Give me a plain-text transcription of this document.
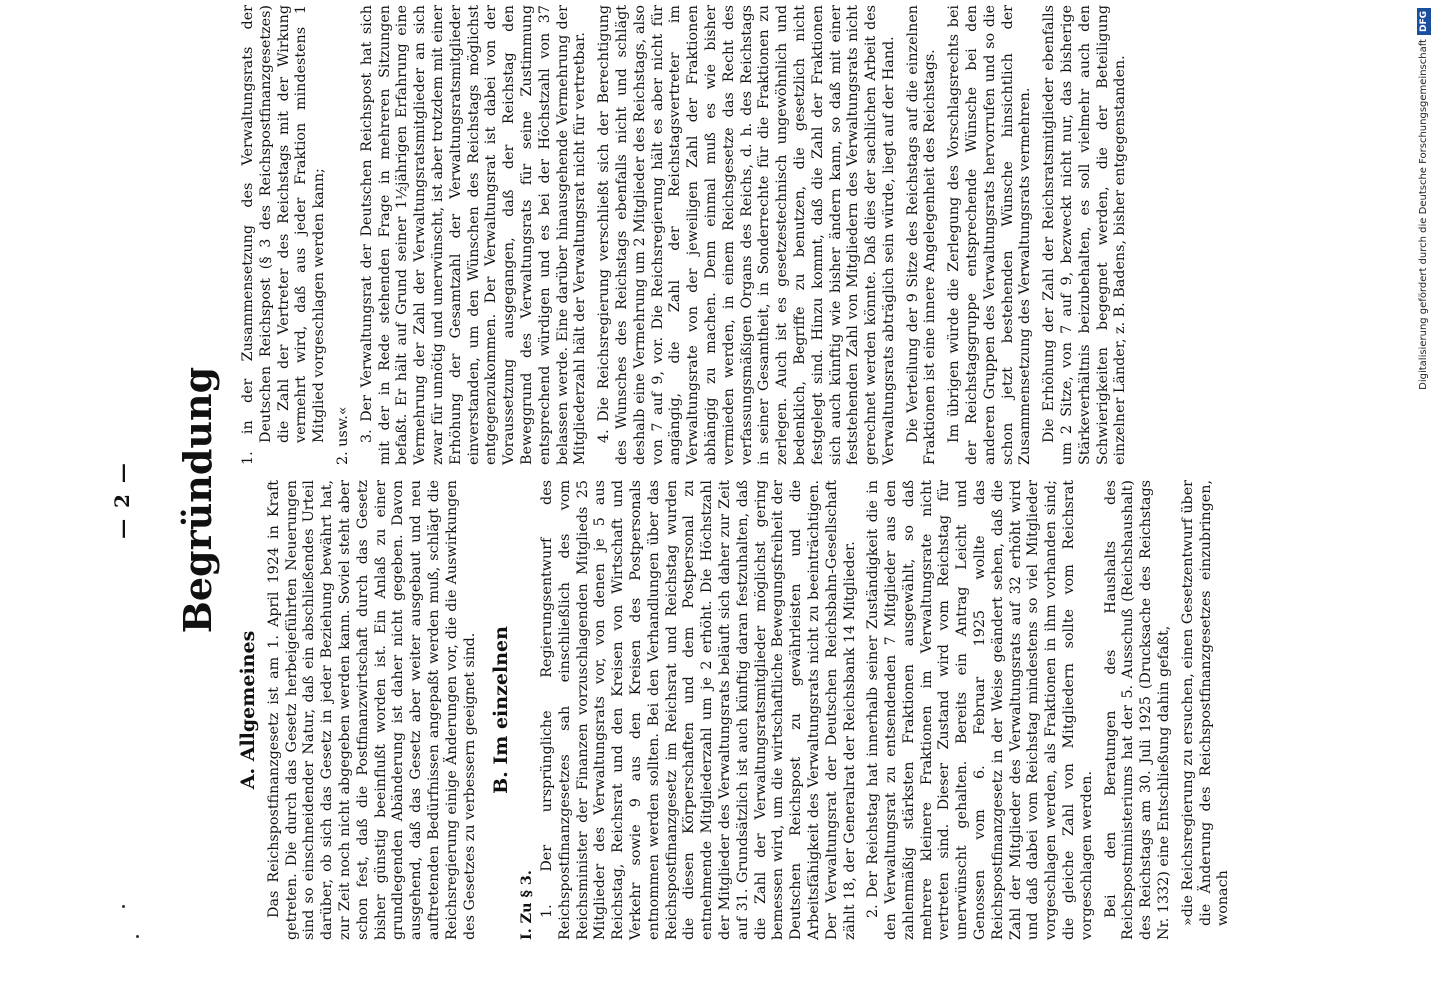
— 2 — Begründung
A. Allgemeines Das Reichspostfinanzgesetz ist am 1. April 1924 in Kraft getreten. Die durch das Gesetz herbeigeführten Neuerungen sind so einschneidender Natur, daß ein abschließendes Urteil darüber, ob sich das Gesetz in jeder Beziehung bewährt hat, zur Zeit noch nicht abgegeben werden kann. Soviel steht aber schon fest, daß die Postfinanzwirtschaft durch das Gesetz bisher günstig beeinflußt worden ist. Ein Anlaß zu einer grundlegenden Abänderung ist daher nicht gegeben. Davon ausgehend, daß das Gesetz aber weiter ausgebaut und neu auftretenden Bedürfnissen angepaßt werden muß, schlägt die Reichsregierung einige Änderungen vor, die die Auswirkungen des Gesetzes zu verbessern geeignet sind. B. Im einzelnen
I. Zu § 3. 1. Der ursprüngliche Regierungsentwurf des Reichspostfinanzgesetzes sah einschließlich des vom Reichsminister der Finanzen vorzuschlagenden Mitglieds 25 Mitglieder des Verwaltungsrats vor, von denen je 5 aus Reichstag, Reichsrat und den Kreisen von Wirtschaft und Verkehr sowie 9 aus den Kreisen des Postpersonals entnommen werden sollten. Bei den Verhandlungen über das Reichspostfinanzgesetz im Reichsrat und Reichstag wurden die diesen Körperschaften und dem Postpersonal zu entnehmende Mitgliederzahl um je 2 erhöht. Die Höchstzahl der Mitglieder des Verwaltungsrats beläuft sich daher zur Zeit auf 31. Grundsätzlich ist auch künftig daran festzuhalten, daß die Zahl der Verwaltungsratsmitglieder möglichst gering bemessen wird, um die wirtschaftliche Bewegungsfreiheit der Deutschen Reichspost zu gewährleisten und die Arbeitsfähigkeit des Verwaltungsrats nicht zu beeinträchtigen. Der Verwaltungsrat der Deutschen Reichsbahn-Gesellschaft zählt 18, der Generalrat der Reichsbank 14 Mitglieder. 2. Der Reichstag hat innerhalb seiner Zuständigkeit die in den Verwaltungsrat zu entsendenden 7 Mitglieder aus den zahlenmäßig stärksten Fraktionen ausgewählt, so daß mehrere kleinere Fraktionen im Verwaltungsrate nicht vertreten sind. Dieser Zustand wird vom Reichstag für unerwünscht gehalten. Bereits ein Antrag Leicht und Genossen vom 6. Februar 1925 wollte das Reichspostfinanzgesetz in der Weise geändert sehen, daß die Zahl der Mitglieder des Verwaltungsrats auf 32 erhöht wird und daß dabei vom Reichstag mindestens so viel Mitglieder vorgeschlagen werden, als Fraktionen in ihm vorhanden sind; die gleiche Zahl von Mitgliedern sollte vom Reichsrat vorgeschlagen werden. Bei den Beratungen des Haushalts des Reichspostministeriums hat der 5. Ausschuß (Reichshaushalt) des Reichstags am 30. Juli 1925 (Drucksache des Reichstags Nr. 1332) eine Entschließung dahin gefaßt, »die Reichsregierung zu ersuchen, einen Gesetzentwurf über die Änderung des Reichspostfinanzgesetzes einzubringen, wonach

1. in der Zusammensetzung des Verwaltungsrats der Deutschen Reichspost (§ 3 des Reichspostfinanzgesetzes) die Zahl der Vertreter des Reichstags mit der Wirkung vermehrt wird, daß aus jeder Fraktion mindestens 1 Mitglied vorgeschlagen werden kann; 2. usw.« 3. Der Verwaltungsrat der Deutschen Reichspost hat sich mit der in Rede stehenden Frage in mehreren Sitzungen befaßt. Er hält auf Grund seiner 1½jährigen Erfahrung eine Vermehrung der Zahl der Verwaltungsratsmitglieder an sich zwar für unnötig und unerwünscht, ist aber trotzdem mit einer Erhöhung der Gesamtzahl der Verwaltungsratsmitglieder einverstanden, um den Wünschen des Reichstags möglichst entgegenzukommen. Der Verwaltungsrat ist dabei von der Voraussetzung ausgegangen, daß der Reichstag den Beweggrund des Verwaltungsrats für seine Zustimmung entsprechend würdigen und es bei der Höchstzahl von 37 belassen werde. Eine darüber hinausgehende Vermehrung der Mitgliederzahl hält der Verwaltungsrat nicht für vertretbar. 4. Die Reichsregierung verschließt sich der Berechtigung des Wunsches des Reichstags ebenfalls nicht und schlägt deshalb eine Vermehrung um 2 Mitglieder des Reichstags, also von 7 auf 9, vor. Die Reichsregierung hält es aber nicht für angängig, die Zahl der Reichstagsvertreter im Verwaltungsrate von der jeweiligen Zahl der Fraktionen abhängig zu machen. Denn einmal muß es wie bisher vermieden werden, in einem Reichsgesetze das Recht des verfassungsmäßigen Organs des Reichs, d. h. des Reichstags in seiner Gesamtheit, in Sonderrechte für die Fraktionen zu zerlegen. Auch ist es gesetzestechnisch ungewöhnlich und bedenklich, Begriffe zu benutzen, die gesetzlich nicht festgelegt sind. Hinzu kommt, daß die Zahl der Fraktionen sich auch künftig wie bisher ändern kann, so daß mit einer feststehenden Zahl von Mitgliedern des Verwaltungsrats nicht gerechnet werden könnte. Daß dies der sachlichen Arbeit des Verwaltungsrats abträglich sein würde, liegt auf der Hand. Die Verteilung der 9 Sitze des Reichstags auf die einzelnen Fraktionen ist eine innere Angelegenheit des Reichstags. Im übrigen würde die Zerlegung des Vorschlagsrechts bei der Reichstagsgruppe entsprechende Wünsche bei den anderen Gruppen des Verwaltungsrats hervorrufen und so die schon jetzt bestehenden Wünsche hinsichtlich der Zusammensetzung des Verwaltungsrats vermehren. Die Erhöhung der Zahl der Reichsratsmitglieder ebenfalls um 2 Sitze, von 7 auf 9, bezweckt nicht nur, das bisherige Stärkeverhältnis beizubehalten, es soll vielmehr auch den Schwierigkeiten begegnet werden, die der Beteiligung einzelner Länder, z. B. Badens, bisher entgegenstanden.	Digitalisierung gefördert durch die Deutsche Forschungsgemeinschaft
DFG
